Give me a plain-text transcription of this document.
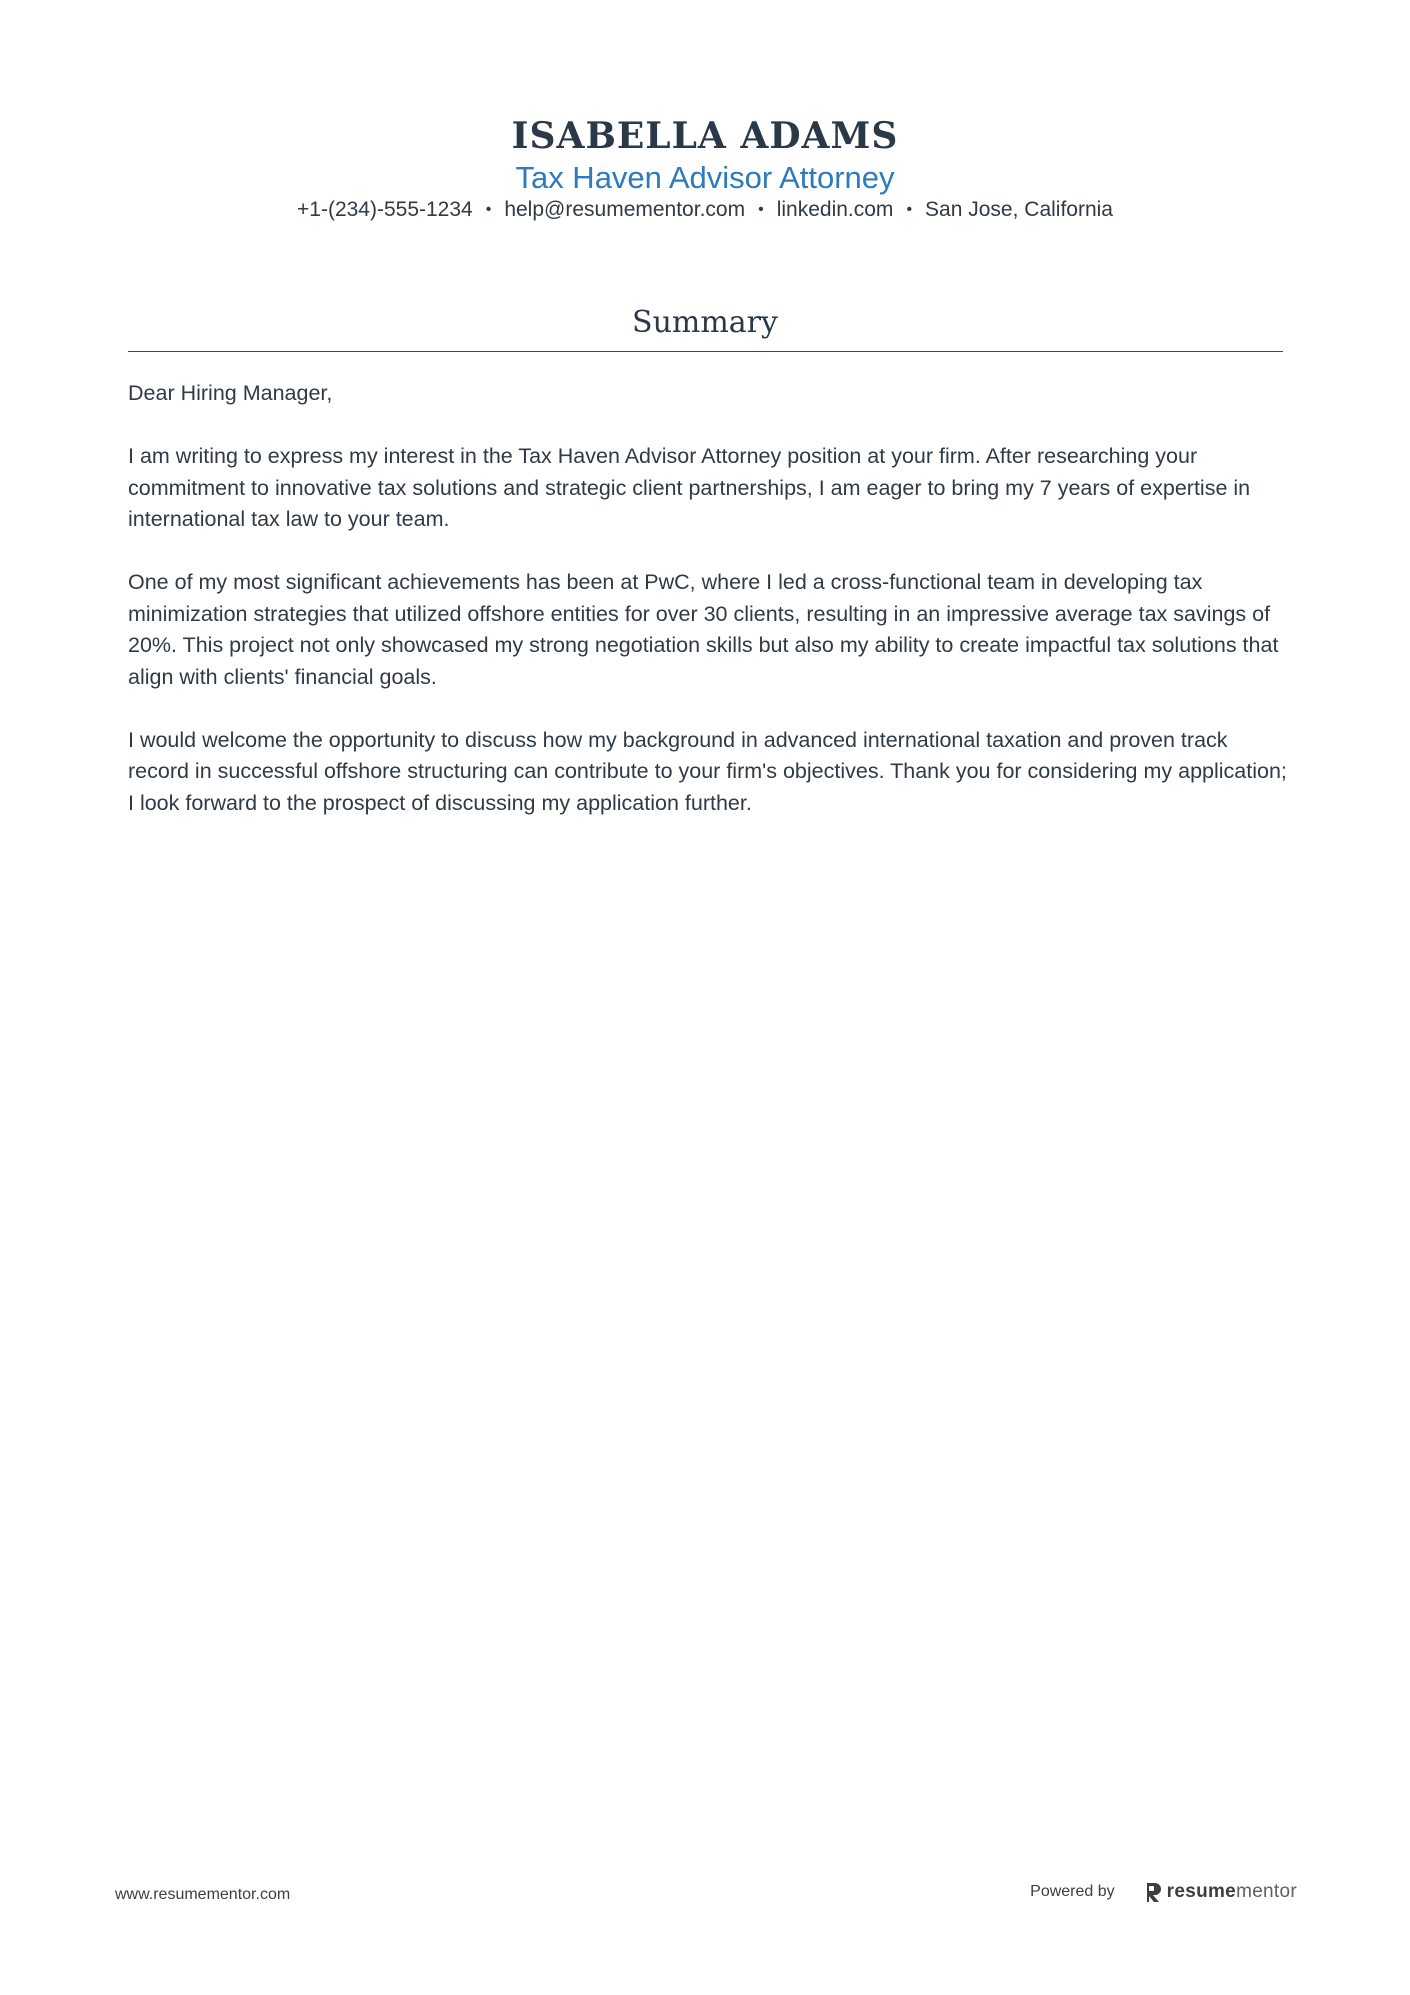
ISABELLA ADAMS
Tax Haven Advisor Attorney
+1-(234)-555-1234 • help@resumementor.com • linkedin.com • San Jose, California
Summary

Dear Hiring Manager,

I am writing to express my interest in the Tax Haven Advisor Attorney position at your firm. After researching your commitment to innovative tax solutions and strategic client partnerships, I am eager to bring my 7 years of expertise in international tax law to your team.

One of my most significant achievements has been at PwC, where I led a cross-functional team in developing tax minimization strategies that utilized offshore entities for over 30 clients, resulting in an impressive average tax savings of 20%. This project not only showcased my strong negotiation skills but also my ability to create impactful tax solutions that align with clients' financial goals.

I would welcome the opportunity to discuss how my background in advanced international taxation and proven track record in successful offshore structuring can contribute to your firm's objectives. Thank you for considering my application; I look forward to the prospect of discussing my application further.

www.resumementor.com	Powered by	resumementor
